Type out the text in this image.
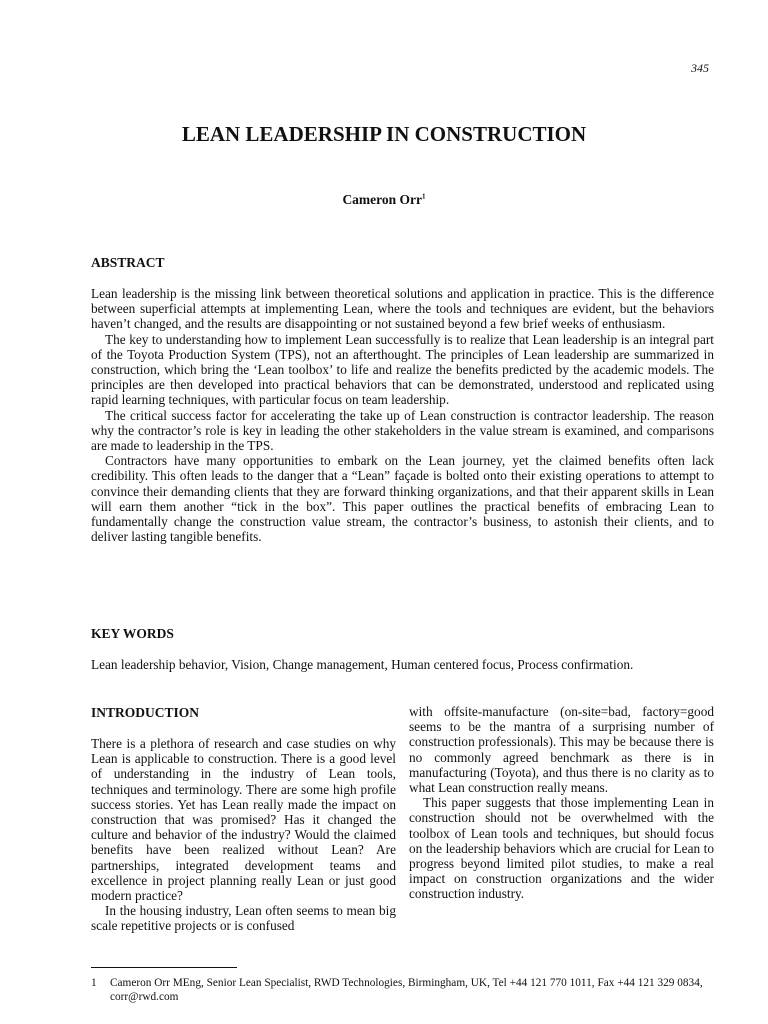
345
LEAN LEADERSHIP IN CONSTRUCTION
Cameron Orr$^1$
ABSTRACT

Lean leadership is the missing link between theoretical solutions and application in practice. This is the difference between superficial attempts at implementing Lean, where the tools and techniques are evident, but the behaviors haven’t changed, and the results are disappointing or not sustained beyond a few brief weeks of enthusiasm.

The key to understanding how to implement Lean successfully is to realize that Lean leadership is an integral part of the Toyota Production System (TPS), not an afterthought. The principles of Lean leadership are summarized in construction, which bring the ‘Lean toolbox’ to life and realize the benefits predicted by the academic models. The principles are then developed into practical behaviors that can be demonstrated, understood and replicated using rapid learning techniques, with particular focus on team leadership.

The critical success factor for accelerating the take up of Lean construction is contractor leadership. The reason why the contractor’s role is key in leading the other stakeholders in the value stream is examined, and comparisons are made to leadership in the TPS.

Contractors have many opportunities to embark on the Lean journey, yet the claimed benefits often lack credibility. This often leads to the danger that a “Lean” façade is bolted onto their existing operations to attempt to convince their demanding clients that they are forward thinking organizations, and that their apparent skills in Lean will earn them another “tick in the box”. This paper outlines the practical benefits of embracing Lean to fundamentally change the construction value stream, the contractor’s business, to astonish their clients, and to deliver lasting tangible benefits.

KEY WORDS

Lean leadership behavior, Vision, Change management, Human centered focus, Process confirmation.

INTRODUCTION

There is a plethora of research and case studies on why Lean is applicable to construction. There is a good level of understanding in the industry of Lean tools, techniques and terminology. There are some high profile success stories. Yet has Lean really made the impact on construction that was promised? Has it changed the culture and behavior of the industry? Would the claimed benefits have been realized without Lean? Are partnerships, integrated development teams and excellence in project planning really Lean or just good modern practice?

In the housing industry, Lean often seems to mean big scale repetitive projects or is confused

with offsite-manufacture (on-site=bad, factory=good seems to be the mantra of a surprising number of construction professionals). This may be because there is no commonly agreed benchmark as there is in manufacturing (Toyota), and thus there is no clarity as to what Lean construction really means.

This paper suggests that those implementing Lean in construction should not be overwhelmed with the toolbox of Lean tools and techniques, but should focus on the leadership behaviors which are crucial for Lean to progress beyond limited pilot studies, to make a real impact on construction organizations and the wider construction industry.

1	Cameron Orr MEng, Senior Lean Specialist, RWD Technologies, Birmingham, UK, Tel +44 121 770 1011, Fax +44 121 329 0834, corr@rwd.com
